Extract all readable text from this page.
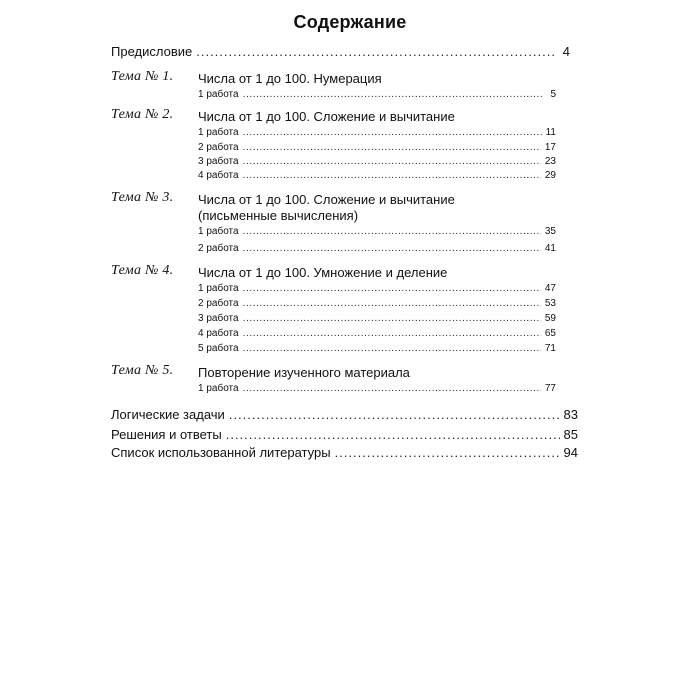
Содержание
Предисловие .....	4
Тема № 1. Числа от 1 до 100. Нумерация
1 работа .....	5
Тема № 2. Числа от 1 до 100. Сложение и вычитание
1 работа .....	11
2 работа .....	17
3 работа .....	23
4 работа .....	29
Тема № 3. Числа от 1 до 100. Сложение и вычитание
(письменные вычисления)
1 работа .....	35
2 работа .....	41
Тема № 4. Числа от 1 до 100. Умножение и деление
1 работа .....	47
2 работа .....	53
3 работа .....	59
4 работа .....	65
5 работа .....	71
Тема № 5. Повторение изученного материала
1 работа .....	77
Логические задачи .....	83
Решения и ответы .....	85
Список использованной литературы .....	94
